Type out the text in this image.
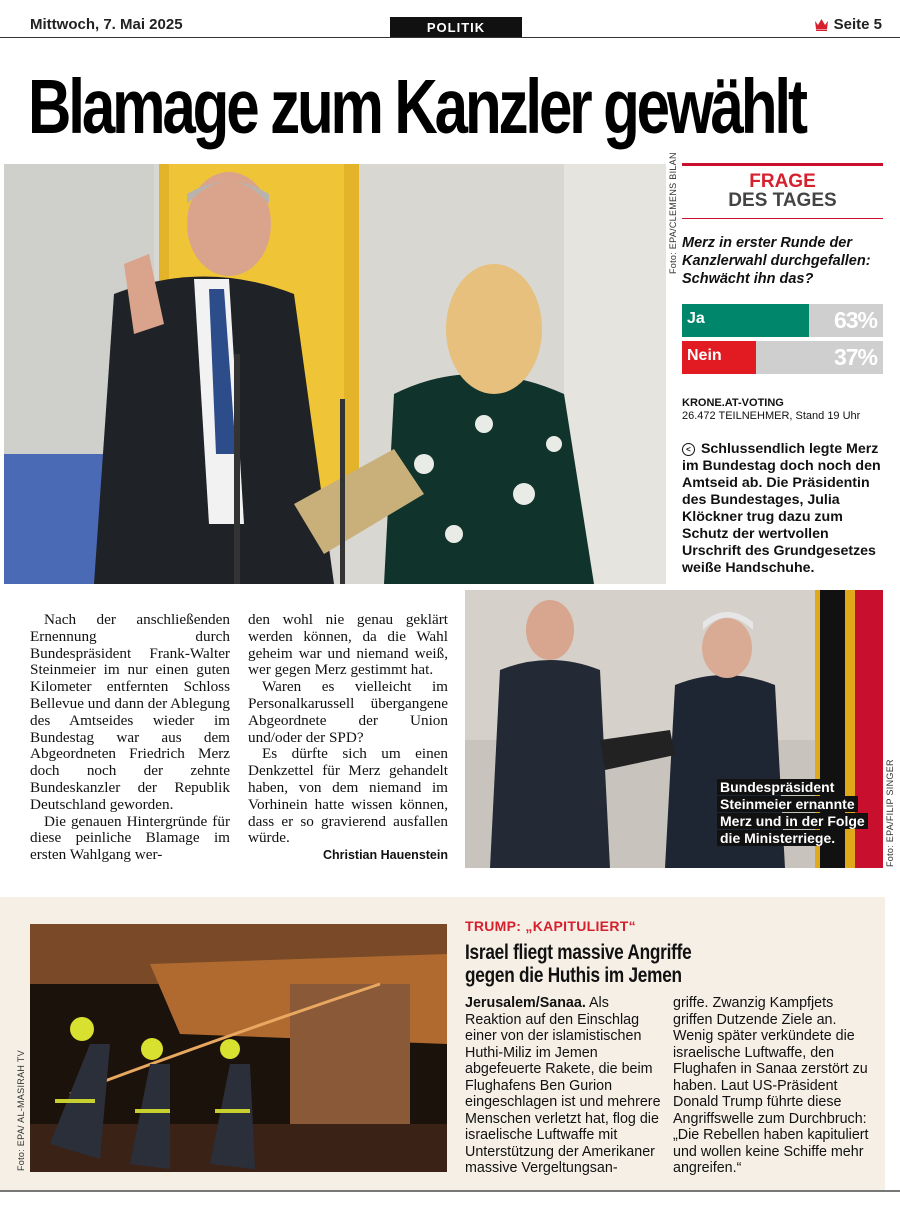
Mittwoch, 7. Mai 2025	POLITIK	Seite 5
Blamage zum Kanzler gewählt
Foto: EPA/CLEMENS BILAN	FRAGE
DES TAGES
Merz in erster Runde der Kanzlerwahl durchgefallen: Schwächt ihn das?
Ja	63%
Nein	37%
KRONE.AT-VOTING
26.472 TEILNEHMER, Stand 19 Uhr
< Schlussendlich legte Merz im Bundestag doch noch den Amtseid ab. Die Präsidentin des Bundestages, Julia Klöckner trug dazu zum Schutz der wertvollen Urschrift des Grundgesetzes weiße Handschuhe.

Nach der anschließenden Ernennung durch Bundespräsident Frank-Walter Steinmeier im nur einen guten Kilometer entfernten Schloss Bellevue und dann der Ablegung des Amtseides wieder im Bundestag war aus dem Abgeordneten Friedrich Merz doch noch der zehnte Bundeskanzler der Republik Deutschland geworden.

Die genauen Hintergründe für diese peinliche Blamage im ersten Wahlgang wer-

den wohl nie genau geklärt werden können, da die Wahl geheim war und niemand weiß, wer gegen Merz gestimmt hat.

Waren es vielleicht im Personalkarussell übergangene Abgeordnete der Union und/oder der SPD?

Es dürfte sich um einen Denkzettel für Merz gehandelt haben, von dem niemand im Vorhinein hatte wissen können, dass er so gravierend ausfallen würde.

Christian Hauenstein	Foto: EPA/FILIP SINGER
Bundespräsident
Steinmeier ernannte
Merz und in der Folge
die Ministerriege.
Foto: EPA/ AL-MASIRAH TV
TRUMP: „KAPITULIERT“
Israel fliegt massive Angriffe
gegen die Huthis im Jemen
Jerusalem/Sanaa. Als Reaktion auf den Einschlag einer von der islamistischen Huthi-Miliz im Jemen abgefeuerte Rakete, die beim Flughafens Ben Gurion eingeschlagen ist und mehrere Menschen verletzt hat, flog die israelische Luftwaffe mit Unterstützung der Amerikaner massive Vergeltungsan-
griffe. Zwanzig Kampfjets griffen Dutzende Ziele an. Wenig später verkündete die israelische Luftwaffe, den Flughafen in Sanaa zerstört zu haben. Laut US-Präsident Donald Trump führte diese Angriffswelle zum Durchbruch: „Die Rebellen haben kapituliert und wollen keine Schiffe mehr angreifen.“
